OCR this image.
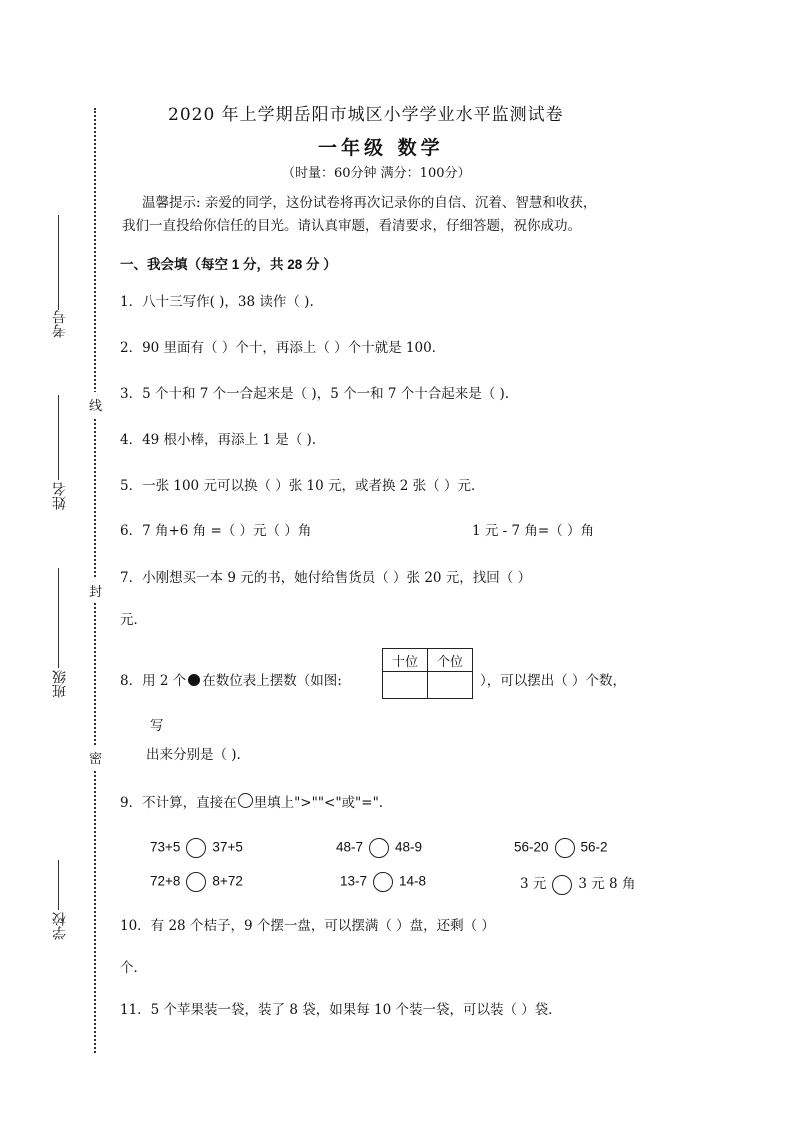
2020 年上学期岳阳市城区小学学业水平监测试卷
一年级 数学
（时量：60分钟 满分：100分）
温馨提示: 亲爱的同学，这份试卷将再次记录你的自信、沉着、智慧和收获，
我们一直投给你信任的目光。请认真审题，看清要求，仔细答题，祝你成功。
考号
姓名
班级
学校
线
封
密
一、我会填（每空 1 分，共 28 分 ）
1．八十三写作( )，38 读作（ ).
2．90 里面有（ ）个十，再添上（ ）个十就是 100．
3．5 个十和 7 个一合起来是（ )，5 个一和 7 个十合起来是（ ).
4．49 根小棒，再添上 1 是（ ).
5．一张 100 元可以换（ ）张 10 元，或者换 2 张（ ）元．
6．7 角+6 角 =（ ）元（ ）角	1 元 - 7 角=（ ）角
7．小刚想买一本 9 元的书，她付给售货员（ ）张 20 元，找回（ ）
元．
8．用 2 个 在数位表上摆数（如图:
十位	个位

），可以摆出（ ）个数，
写
出来分别是（ ).
9．不计算，直接在 里填上">""<"或"=".
73+5 37+5	48-7 48-9	56-20 56-2
72+8 8+72	13-7 14-8	3 元 3 元 8 角
10．有 28 个桔子，9 个摆一盘，可以摆满（ ）盘，还剩（ ）
个．
11．5 个苹果装一袋，装了 8 袋，如果每 10 个装一袋，可以装（ ）袋．
